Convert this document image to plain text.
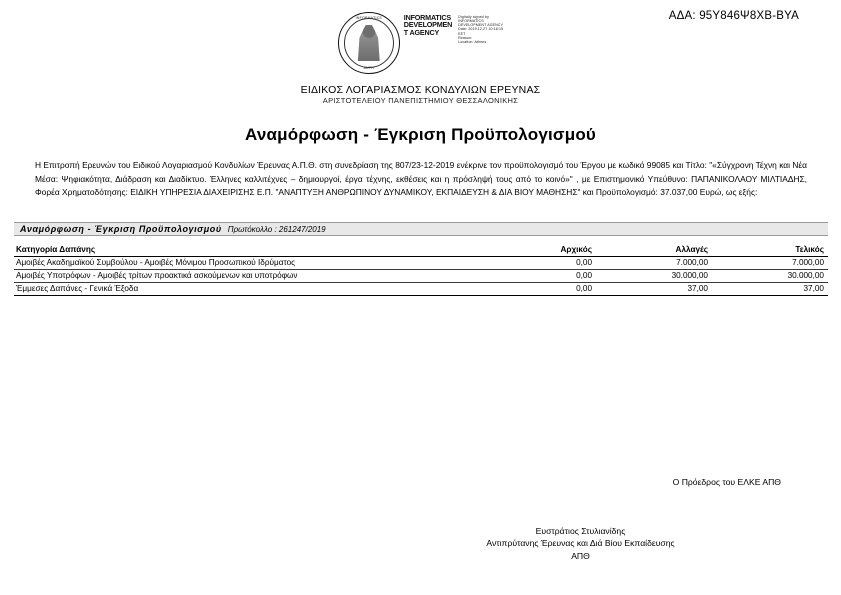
ΑΔΑ: 95Υ846Ψ8ΧΒ-ΒΥΑ
INFORMATICS
AUTH
INFORMATICS
DEVELOPMEN
T AGENCY
Digitally signed by
INFORMATICS
DEVELOPMENT AGENCY
Date: 2019.12.27 10:16:15
EET
Reason:
Location: Athens
ΕΙΔΙΚΟΣ ΛΟΓΑΡΙΑΣΜΟΣ ΚΟΝΔΥΛΙΩΝ ΕΡΕΥΝΑΣ
ΑΡΙΣΤΟΤΕΛΕΙΟΥ ΠΑΝΕΠΙΣΤΗΜΙΟΥ ΘΕΣΣΑΛΟΝΙΚΗΣ
Αναμόρφωση - Έγκριση Προϋπολογισμού
Η Επιτροπή Ερευνών του Ειδικού Λογαριασμού Κονδυλίων Έρευνας Α.Π.Θ. στη συνεδρίαση της 807/23-12-2019 ενέκρινε τον προϋπολογισμό του Έργου με κωδικό 99085 και Τίτλο: "«Σύγχρονη Τέχνη και Νέα Μέσα: Ψηφιακότητα, Διάδραση και Διαδίκτυο. Έλληνες καλλιτέχνες – δημιουργοί, έργα τέχνης, εκθέσεις και η πρόσληψή τους από το κοινό»" , με Επιστημονικό Υπεύθυνο: ΠΑΠΑΝΙΚΟΛΑΟΥ ΜΙΛΤΙΑΔΗΣ, Φορέα Χρηματοδότησης: ΕΙΔΙΚΗ ΥΠΗΡΕΣΙΑ ΔΙΑΧΕΙΡΙΣΗΣ Ε.Π. "ΑΝΑΠΤΥΞΗ ΑΝΘΡΩΠΙΝΟΥ ΔΥΝΑΜΙΚΟΥ, ΕΚΠΑΙΔΕΥΣΗ & ΔΙΑ ΒΙΟΥ ΜΑΘΗΣΗΣ" και Προϋπολογισμό: 37.037,00 Ευρώ, ως εξής:
Αναμόρφωση - Έγκριση Προϋπολογισμού Πρωτόκολλο : 261247/2019
Κατηγορία Δαπάνης	Αρχικός	Αλλαγές	Τελικός
Αμοιβές Ακαδημαϊκού Συμβούλου - Αμοιβές Μόνιμου Προσωπικού Ιδρύματος	0,00	7.000,00	7.000,00
Αμοιβές Υποτρόφων - Αμοιβές τρίτων προακτικά ασκούμενων και υποτρόφων	0,00	30.000,00	30.000,00
Έμμεσες Δαπάνες - Γενικά Έξοδα	0,00	37,00	37,00
Ο Πρόεδρος του ΕΛΚΕ ΑΠΘ
Ευστράτιος Στυλιανίδης
Αντιπρύτανης Έρευνας και Διά Βίου Εκπαίδευσης
ΑΠΘ
